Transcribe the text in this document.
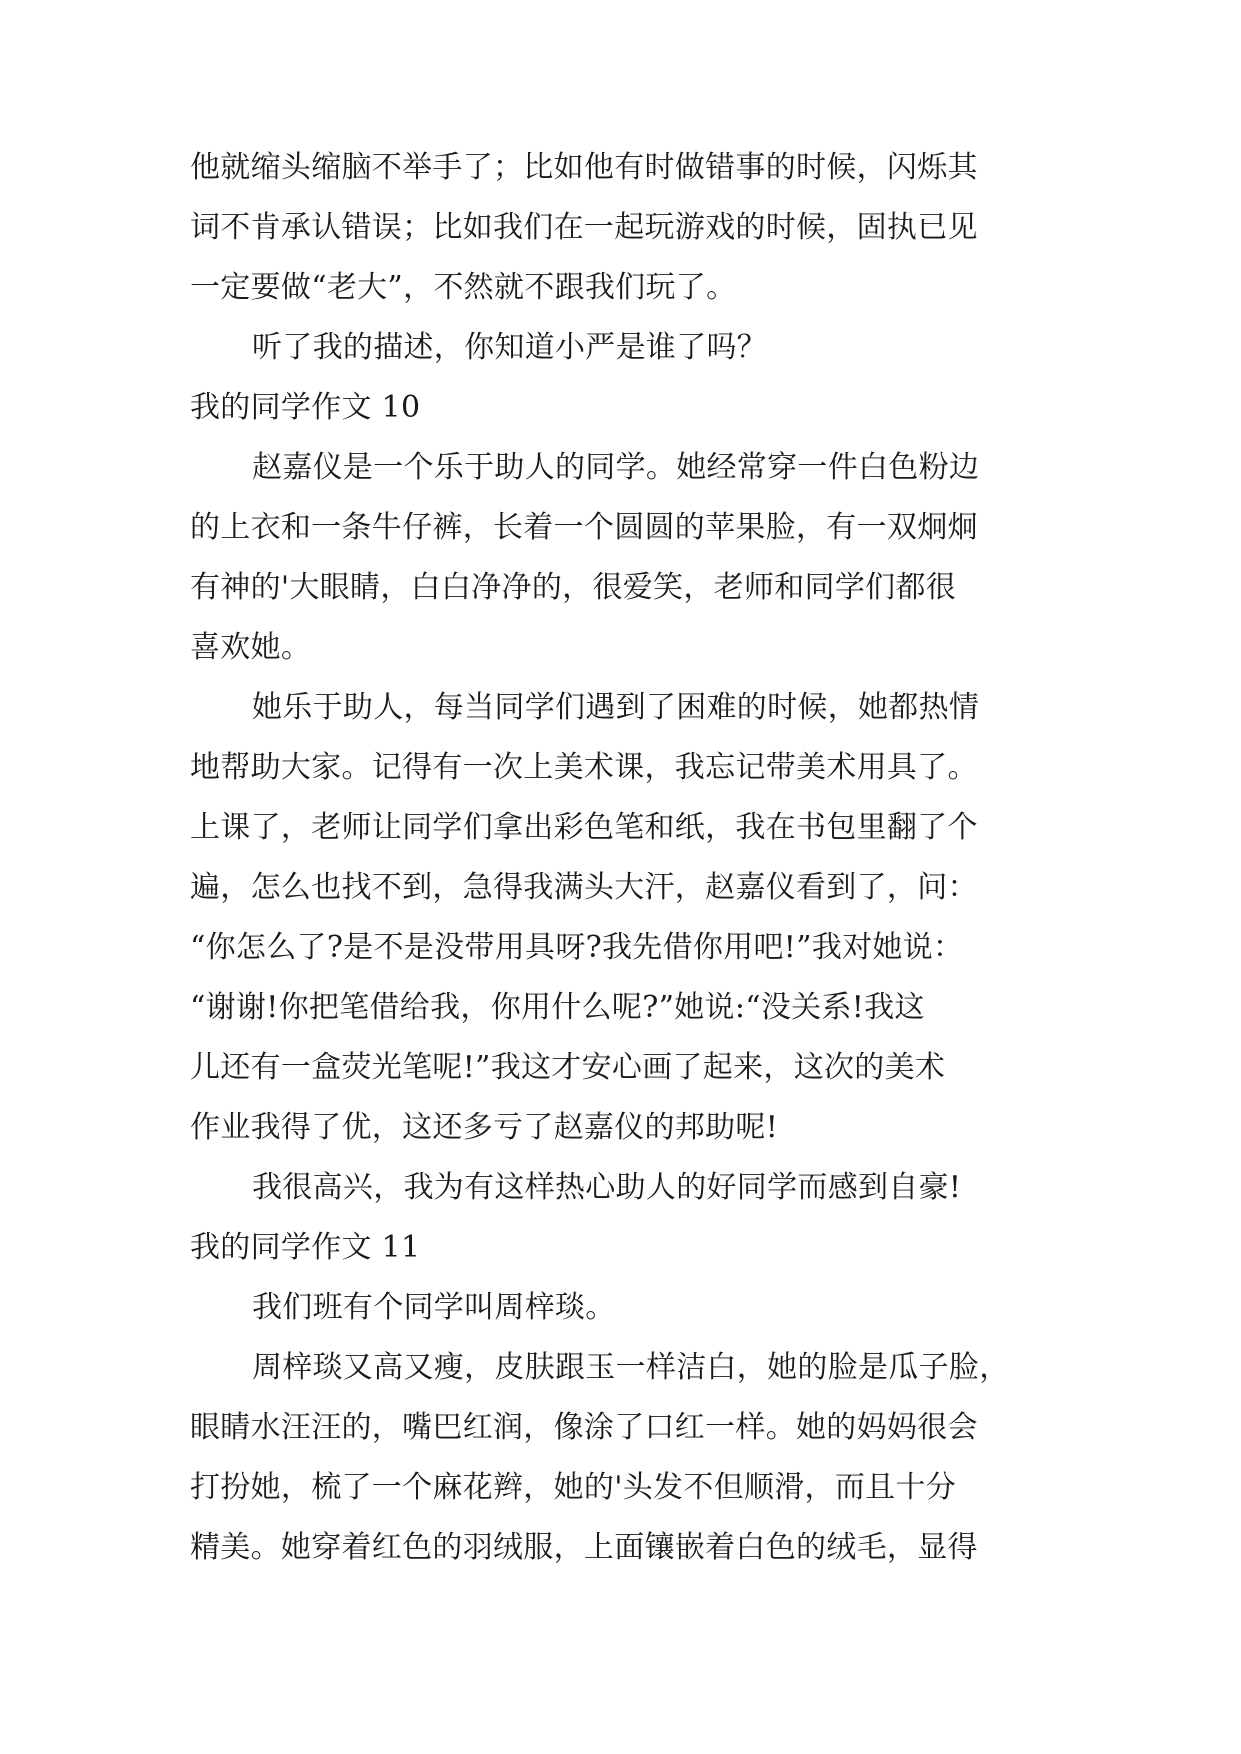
他就缩头缩脑不举手了；比如他有时做错事的时候，闪烁其
词不肯承认错误；比如我们在一起玩游戏的时候，固执已见
一定要做“老大”，不然就不跟我们玩了。
听了我的描述，你知道小严是谁了吗？
我的同学作文 10
赵嘉仪是一个乐于助人的同学。她经常穿一件白色粉边
的上衣和一条牛仔裤，长着一个圆圆的苹果脸，有一双炯炯
有神的'大眼睛，白白净净的，很爱笑，老师和同学们都很
喜欢她。
她乐于助人，每当同学们遇到了困难的时候，她都热情
地帮助大家。记得有一次上美术课，我忘记带美术用具了。
上课了，老师让同学们拿出彩色笔和纸，我在书包里翻了个
遍，怎么也找不到，急得我满头大汗，赵嘉仪看到了，问：
“你怎么了?是不是没带用具呀?我先借你用吧!”我对她说：
“谢谢!你把笔借给我，你用什么呢?”她说:“没关系!我这
儿还有一盒荧光笔呢!”我这才安心画了起来，这次的美术
作业我得了优，这还多亏了赵嘉仪的邦助呢!
我很高兴，我为有这样热心助人的好同学而感到自豪!
我的同学作文 11
我们班有个同学叫周梓琰。
周梓琰又高又瘦，皮肤跟玉一样洁白，她的脸是瓜子脸，
眼睛水汪汪的，嘴巴红润，像涂了口红一样。她的妈妈很会
打扮她，梳了一个麻花辫，她的'头发不但顺滑，而且十分
精美。她穿着红色的羽绒服，上面镶嵌着白色的绒毛，显得
